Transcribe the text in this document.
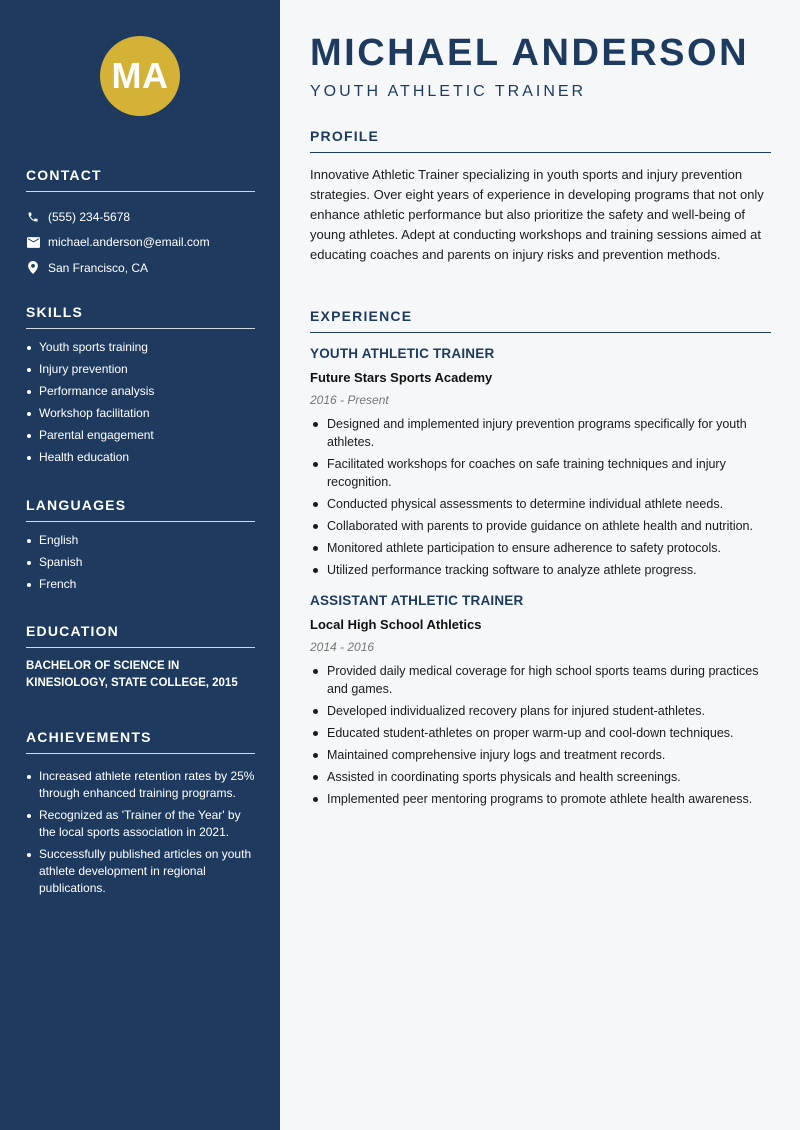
MA
CONTACT
(555) 234-5678
michael.anderson@email.com
San Francisco, CA
SKILLS
Youth sports training
Injury prevention
Performance analysis
Workshop facilitation
Parental engagement
Health education
LANGUAGES
English
Spanish
French
EDUCATION

BACHELOR OF SCIENCE IN KINESIOLOGY, STATE COLLEGE, 2015

ACHIEVEMENTS
Increased athlete retention rates by 25% through enhanced training programs.
Recognized as 'Trainer of the Year' by the local sports association in 2021.
Successfully published articles on youth athlete development in regional publications.
MICHAEL ANDERSON
YOUTH ATHLETIC TRAINER
PROFILE

Innovative Athletic Trainer specializing in youth sports and injury prevention strategies. Over eight years of experience in developing programs that not only enhance athletic performance but also prioritize the safety and well-being of young athletes. Adept at conducting workshops and training sessions aimed at educating coaches and parents on injury risks and prevention methods.

EXPERIENCE
YOUTH ATHLETIC TRAINER
Future Stars Sports Academy
2016 - Present
Designed and implemented injury prevention programs specifically for youth athletes.
Facilitated workshops for coaches on safe training techniques and injury recognition.
Conducted physical assessments to determine individual athlete needs.
Collaborated with parents to provide guidance on athlete health and nutrition.
Monitored athlete participation to ensure adherence to safety protocols.
Utilized performance tracking software to analyze athlete progress.
ASSISTANT ATHLETIC TRAINER
Local High School Athletics
2014 - 2016
Provided daily medical coverage for high school sports teams during practices and games.
Developed individualized recovery plans for injured student-athletes.
Educated student-athletes on proper warm-up and cool-down techniques.
Maintained comprehensive injury logs and treatment records.
Assisted in coordinating sports physicals and health screenings.
Implemented peer mentoring programs to promote athlete health awareness.
